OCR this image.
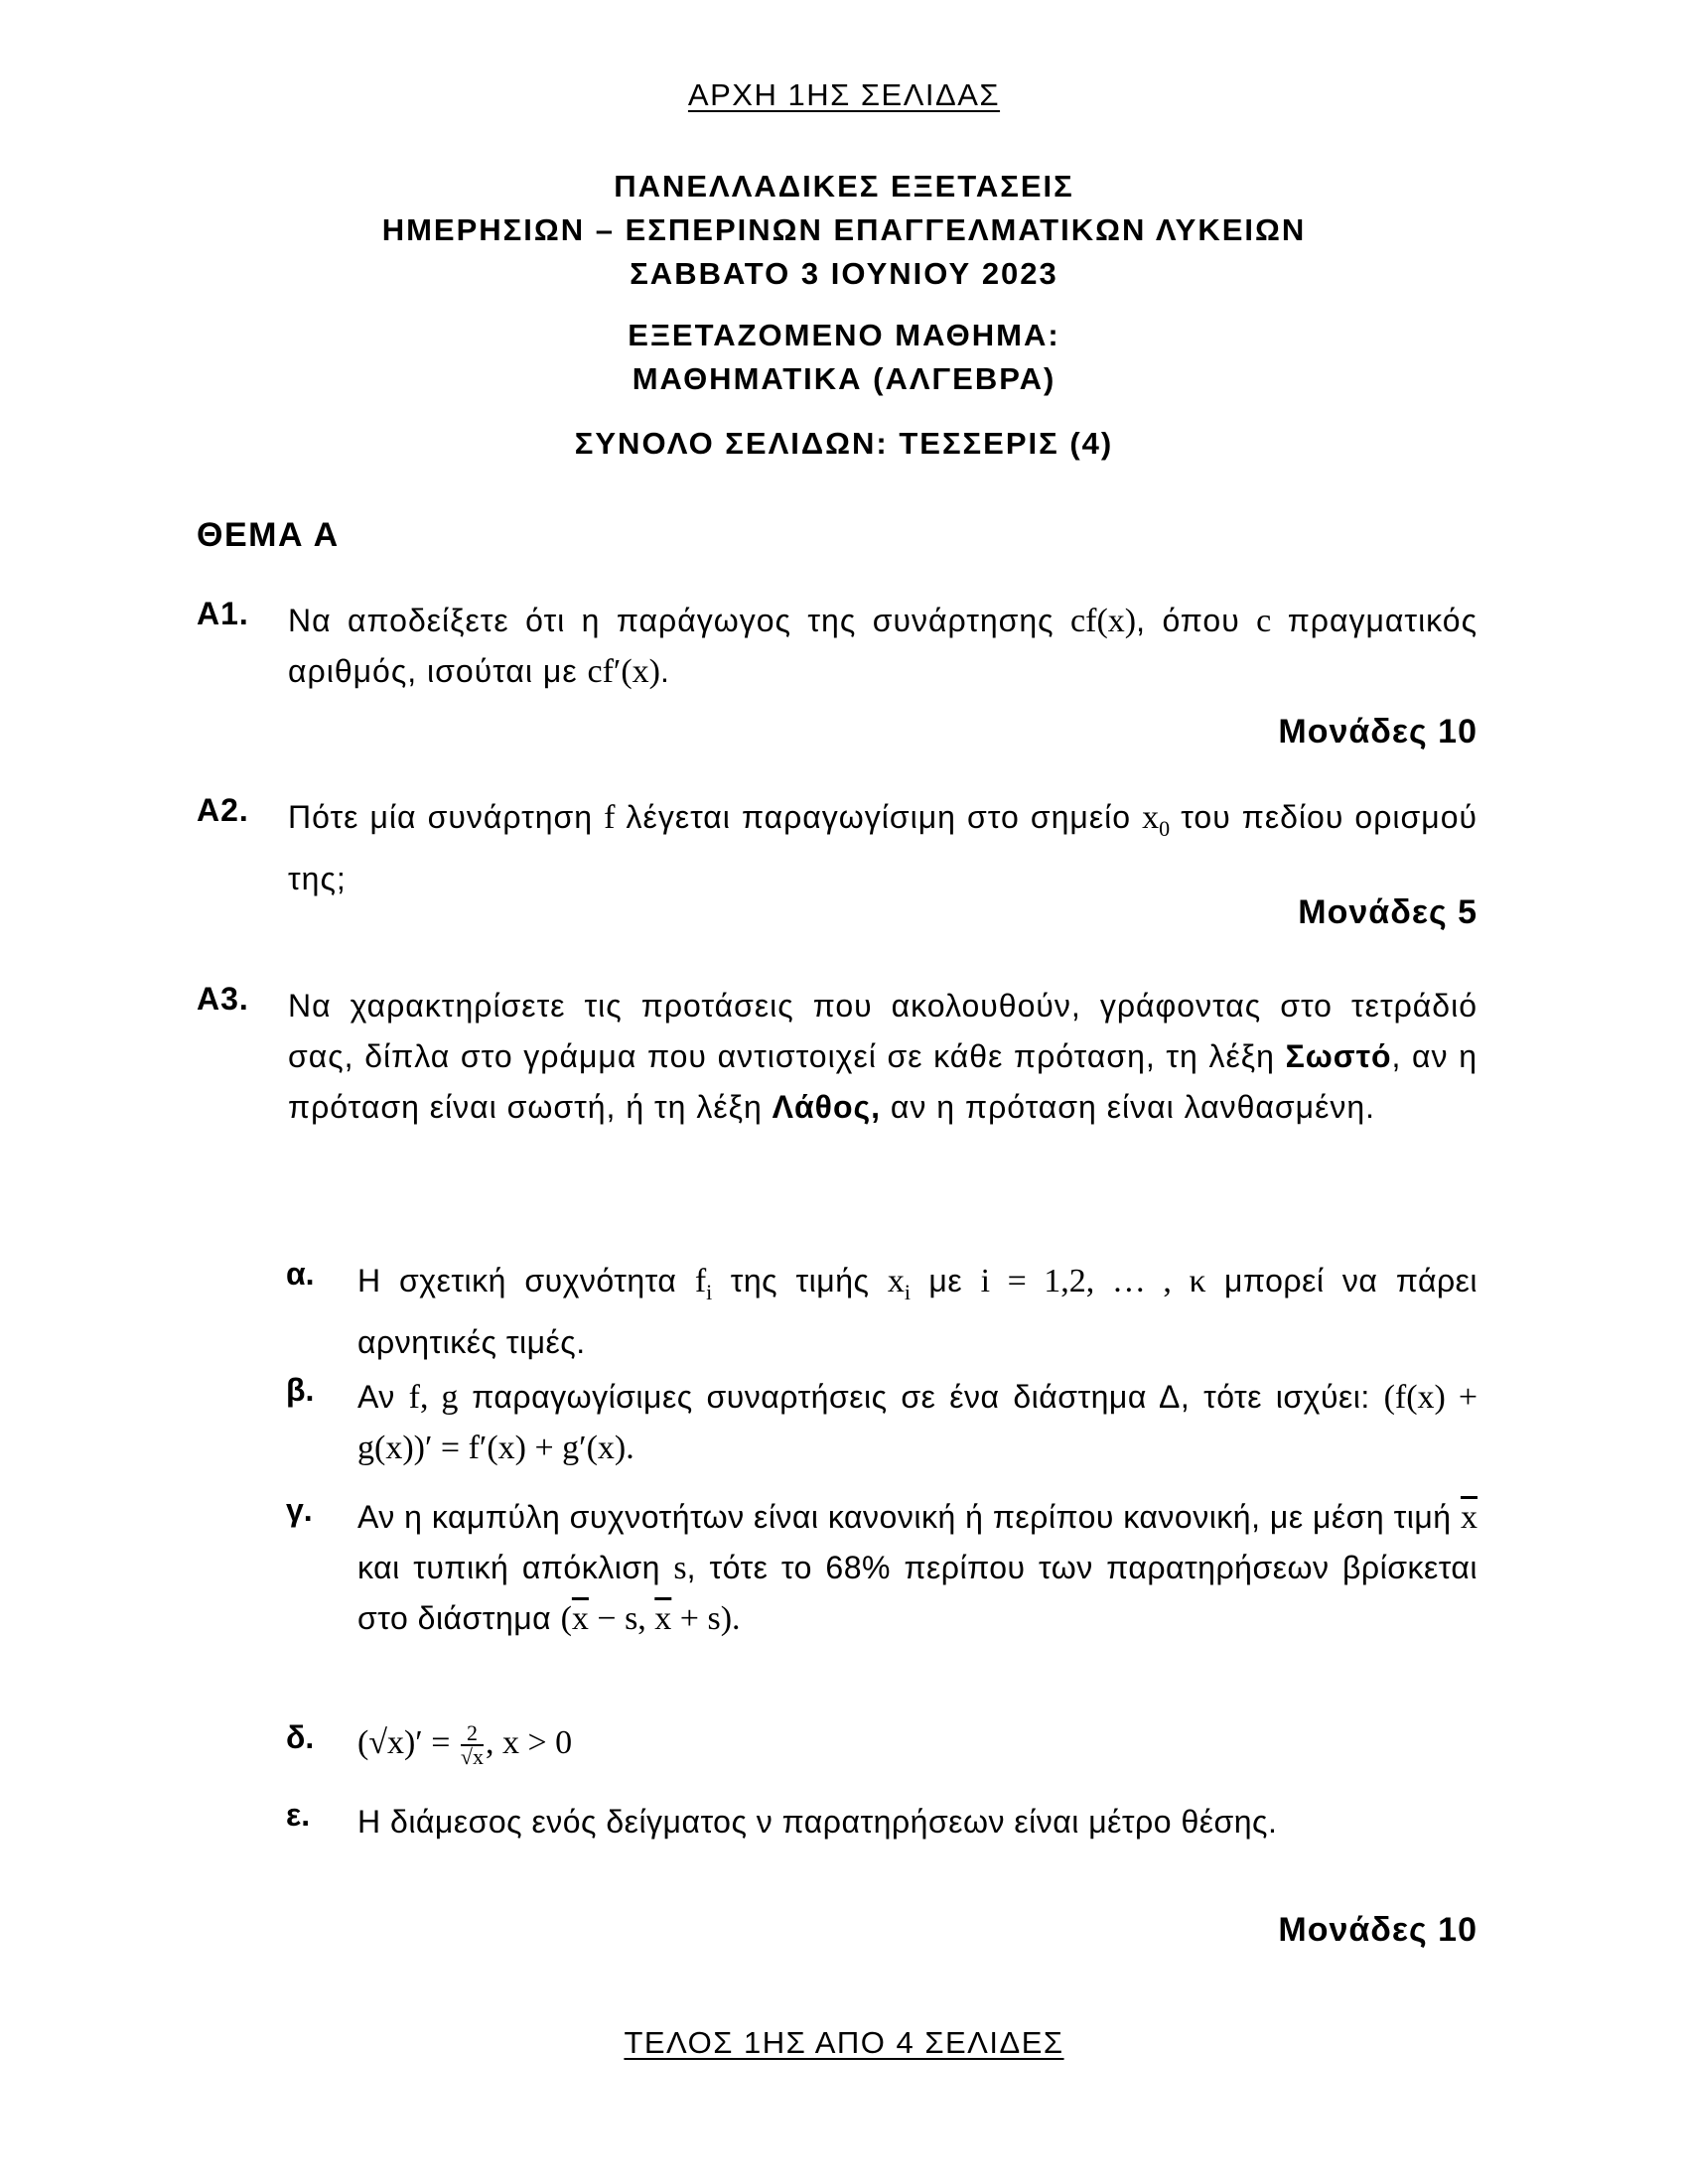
ΑΡΧΗ 1ΗΣ ΣΕΛΙΔΑΣ
ΠΑΝΕΛΛΑΔΙΚΕΣ ΕΞΕΤΑΣΕΙΣ
ΗΜΕΡΗΣΙΩΝ – ΕΣΠΕΡΙΝΩΝ ΕΠΑΓΓΕΛΜΑΤΙΚΩΝ ΛΥΚΕΙΩΝ
ΣΑΒΒΑΤΟ 3 ΙΟΥΝΙΟΥ 2023
ΕΞΕΤΑΖΟΜΕΝΟ ΜΑΘΗΜΑ:
ΜΑΘΗΜΑΤΙΚΑ (ΑΛΓΕΒΡΑ)
ΣΥΝΟΛΟ ΣΕΛΙΔΩΝ: ΤΕΣΣΕΡΙΣ (4)
ΘΕΜΑ Α
Α1. Να αποδείξετε ότι η παράγωγος της συνάρτησης cf(x), όπου c πραγματικός αριθμός, ισούται με cf′(x).
Μονάδες 10
Α2. Πότε μία συνάρτηση f λέγεται παραγωγίσιμη στο σημείο $x_0$ του πεδίου ορισμού της;
Μονάδες 5
Α3. Να χαρακτηρίσετε τις προτάσεις που ακολουθούν, γράφοντας στο τετράδιό σας, δίπλα στο γράμμα που αντιστοιχεί σε κάθε πρόταση, τη λέξη Σωστό, αν η πρόταση είναι σωστή, ή τη λέξη Λάθος, αν η πρόταση είναι λανθασμένη.
α. Η σχετική συχνότητα $f_i$ της τιμής $x_i$ με i = 1,2, … , κ μπορεί να πάρει αρνητικές τιμές.
β. Αν f, g παραγωγίσιμες συναρτήσεις σε ένα διάστημα Δ, τότε ισχύει: (f(x) + g(x))′ = f′(x) + g′(x).
γ. Αν η καμπύλη συχνοτήτων είναι κανονική ή περίπου κανονική, με μέση τιμή $\overline{x}$ και τυπική απόκλιση s, τότε το 68% περίπου των παρατηρήσεων βρίσκεται στο διάστημα ($\overline{x} - s$, $\overline{x} + s$).
δ. $(√x)' = \frac{2}{√x}$ , x > 0
ε. Η διάμεσος ενός δείγματος ν παρατηρήσεων είναι μέτρο θέσης.
Μονάδες 10
ΤΕΛΟΣ 1ΗΣ ΑΠΟ 4 ΣΕΛΙΔΕΣ
